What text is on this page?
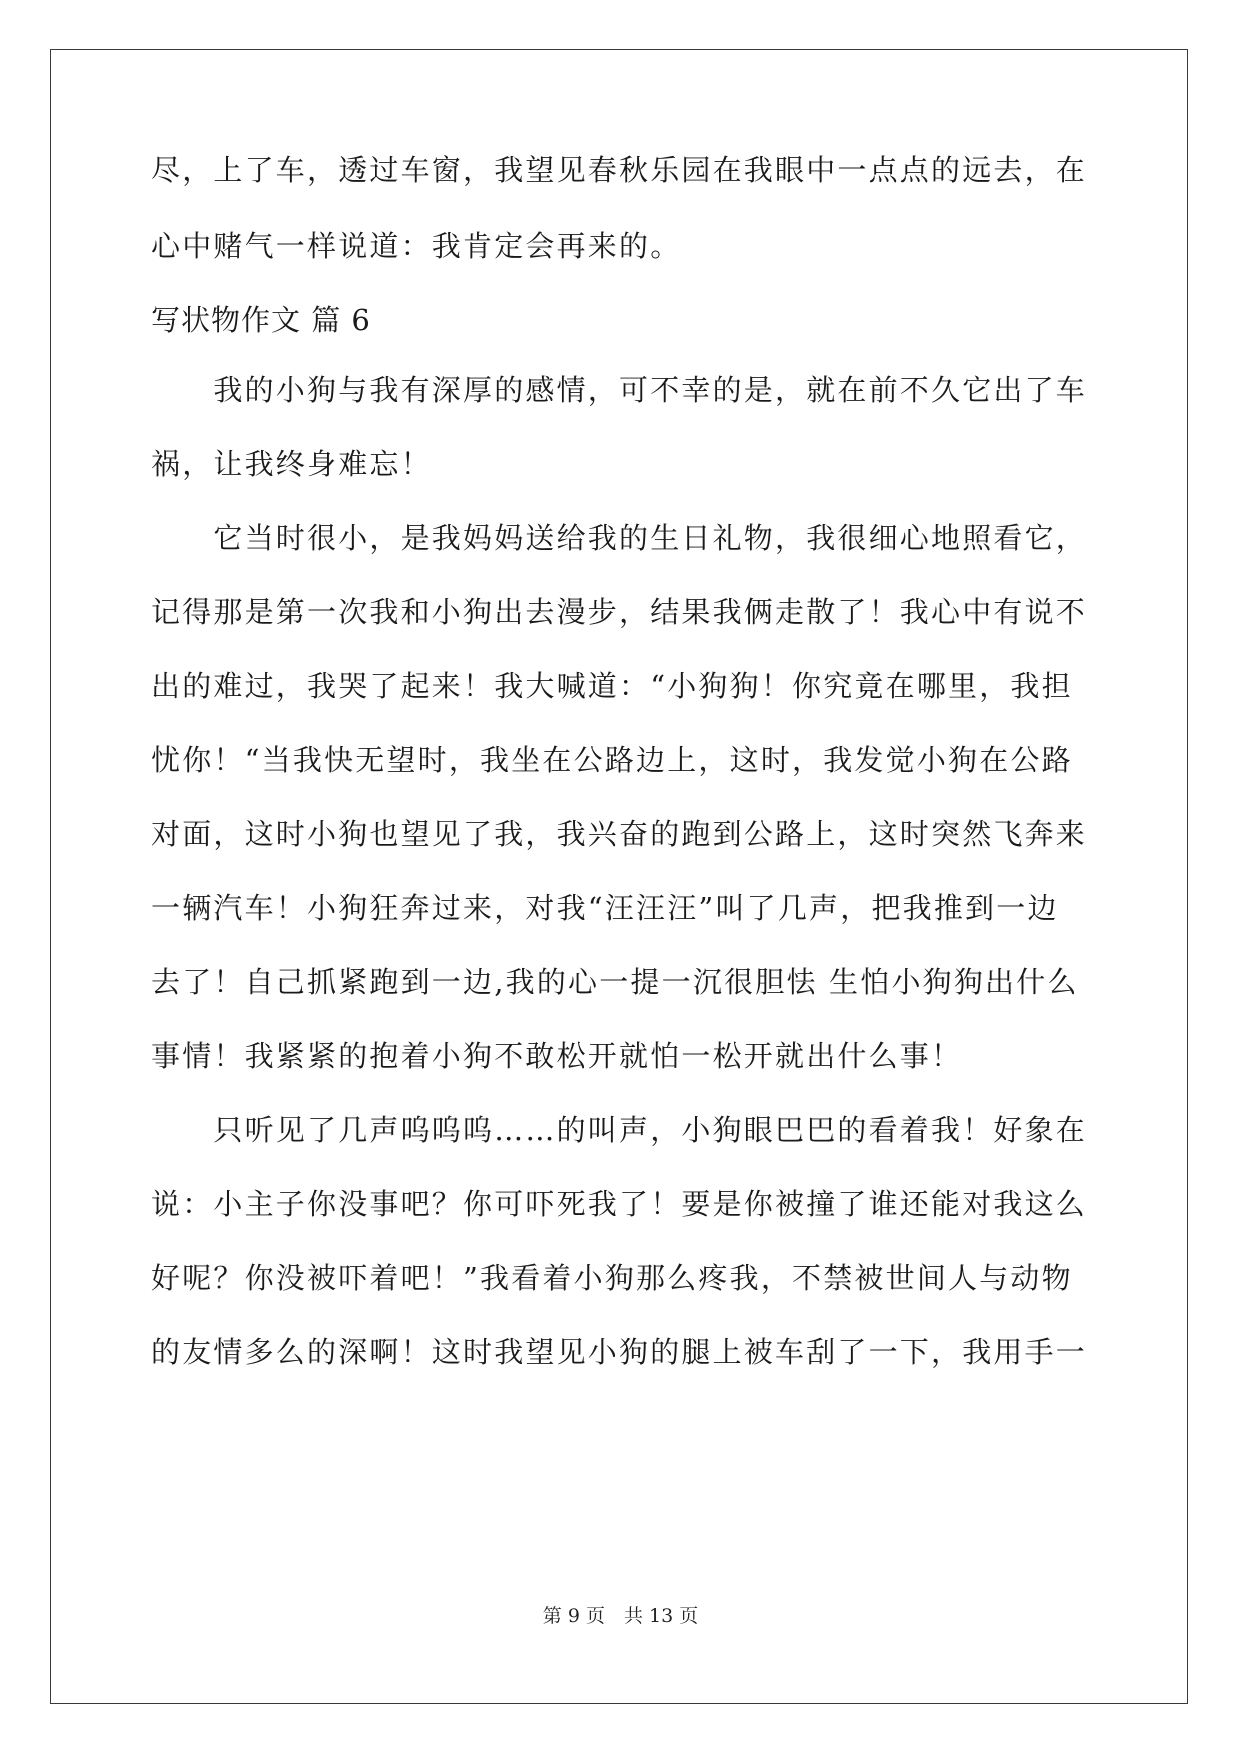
尽，上了车，透过车窗，我望见春秋乐园在我眼中一点点的远去，在
心中赌气一样说道：我肯定会再来的。
写状物作文 篇 6
　　我的小狗与我有深厚的感情，可不幸的是，就在前不久它出了车
祸，让我终身难忘！
　　它当时很小，是我妈妈送给我的生日礼物，我很细心地照看它，
记得那是第一次我和小狗出去漫步，结果我俩走散了！我心中有说不
出的难过，我哭了起来！我大喊道：“小狗狗！你究竟在哪里，我担
忧你！“当我快无望时，我坐在公路边上，这时，我发觉小狗在公路
对面，这时小狗也望见了我，我兴奋的跑到公路上，这时突然飞奔来
一辆汽车！小狗狂奔过来，对我“汪汪汪”叫了几声，把我推到一边
去了！自己抓紧跑到一边,我的心一提一沉很胆怯 生怕小狗狗出什么
事情！我紧紧的抱着小狗不敢松开就怕一松开就出什么事！
　　只听见了几声呜呜呜……的叫声，小狗眼巴巴的看着我！好象在
说：小主子你没事吧？你可吓死我了！要是你被撞了谁还能对我这么
好呢？你没被吓着吧！”我看着小狗那么疼我，不禁被世间人与动物
的友情多么的深啊！这时我望见小狗的腿上被车刮了一下，我用手一
第 9 页　共 13 页
